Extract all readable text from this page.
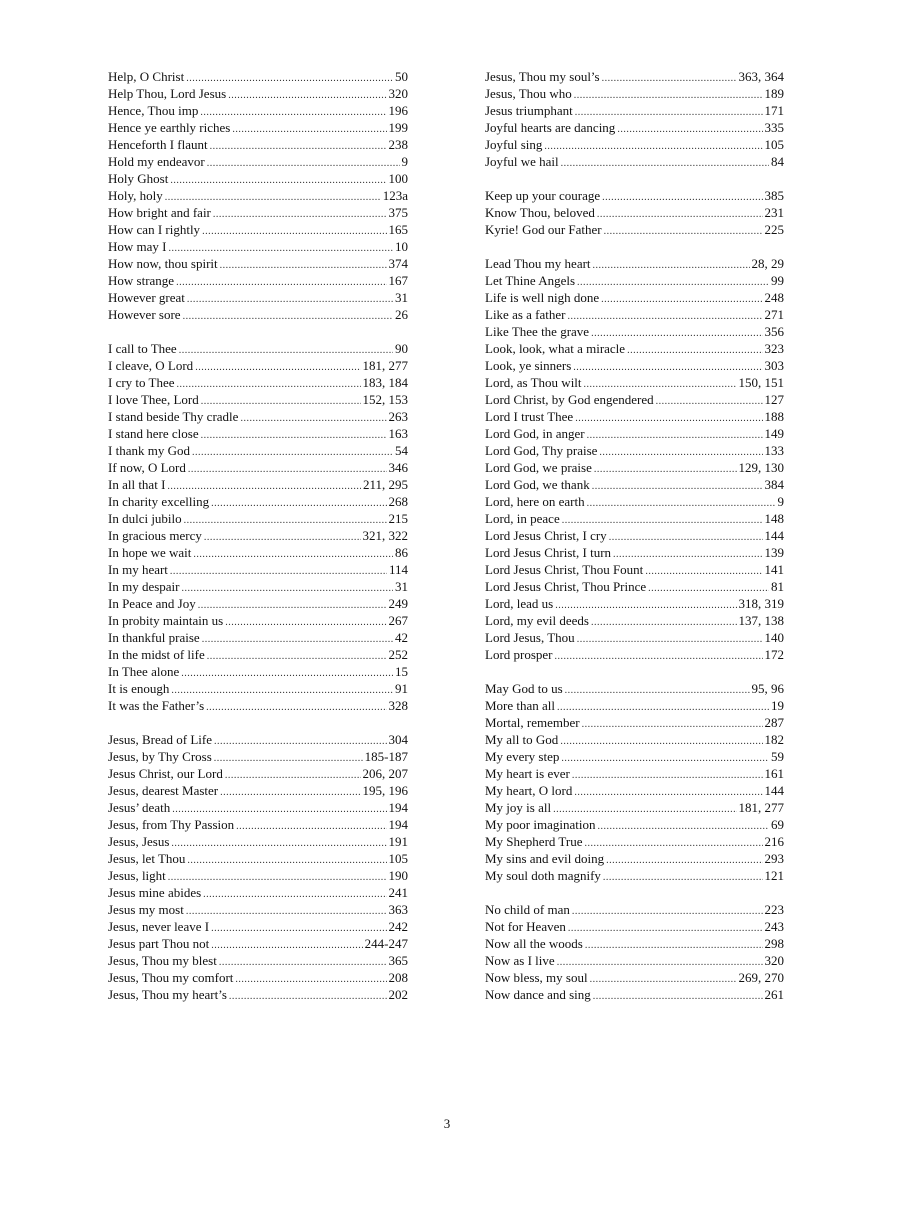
Help, O Christ .....	50
Help Thou, Lord Jesus .....	320
Hence, Thou imp .....	196
Hence ye earthly riches .....	199
Henceforth I flaunt .....	238
Hold my endeavor .....	9
Holy Ghost .....	100
Holy, holy .....	123a
How bright and fair .....	375
How can I rightly .....	165
How may I .....	10
How now, thou spirit .....	374
How strange .....	167
However great .....	31
However sore .....	26
I call to Thee .....	90
I cleave, O Lord .....	181, 277
I cry to Thee .....	183, 184
I love Thee, Lord .....	152, 153
I stand beside Thy cradle .....	263
I stand here close .....	163
I thank my God .....	54
If now, O Lord .....	346
In all that I .....	211, 295
In charity excelling .....	268
In dulci jubilo .....	215
In gracious mercy .....	321, 322
In hope we wait .....	86
In my heart .....	114
In my despair .....	31
In Peace and Joy .....	249
In probity maintain us .....	267
In thankful praise .....	42
In the midst of life .....	252
In Thee alone .....	15
It is enough .....	91
It was the Father’s .....	328
Jesus, Bread of Life .....	304
Jesus, by Thy Cross .....	185-187
Jesus Christ, our Lord .....	206, 207
Jesus, dearest Master .....	195, 196
Jesus’ death .....	194
Jesus, from Thy Passion .....	194
Jesus, Jesus .....	191
Jesus, let Thou .....	105
Jesus, light .....	190
Jesus mine abides .....	241
Jesus my most .....	363
Jesus, never leave I .....	242
Jesus part Thou not .....	244-247
Jesus, Thou my blest .....	365
Jesus, Thou my comfort .....	208
Jesus, Thou my heart’s .....	202
Jesus, Thou my soul’s .....	363, 364
Jesus, Thou who .....	189
Jesus triumphant .....	171
Joyful hearts are dancing .....	335
Joyful sing .....	105
Joyful we hail .....	84
Keep up your courage .....	385
Know Thou, beloved .....	231
Kyrie! God our Father .....	225
Lead Thou my heart .....	28, 29
Let Thine Angels .....	99
Life is well nigh done .....	248
Like as a father .....	271
Like Thee the grave .....	356
Look, look, what a miracle .....	323
Look, ye sinners .....	303
Lord, as Thou wilt .....	150, 151
Lord Christ, by God engendered .....	127
Lord I trust Thee .....	188
Lord God, in anger .....	149
Lord God, Thy praise .....	133
Lord God, we praise .....	129, 130
Lord God, we thank .....	384
Lord, here on earth .....	9
Lord, in peace .....	148
Lord Jesus Christ, I cry .....	144
Lord Jesus Christ, I turn .....	139
Lord Jesus Christ, Thou Fount .....	141
Lord Jesus Christ, Thou Prince .....	81
Lord, lead us .....	318, 319
Lord, my evil deeds .....	137, 138
Lord Jesus, Thou .....	140
Lord prosper .....	172
May God to us .....	95, 96
More than all .....	19
Mortal, remember .....	287
My all to God .....	182
My every step .....	59
My heart is ever .....	161
My heart, O lord .....	144
My joy is all .....	181, 277
My poor imagination .....	69
My Shepherd True .....	216
My sins and evil doing .....	293
My soul doth magnify .....	121
No child of man .....	223
Not for Heaven .....	243
Now all the woods .....	298
Now as I live .....	320
Now bless, my soul .....	269, 270
Now dance and sing .....	261
3
